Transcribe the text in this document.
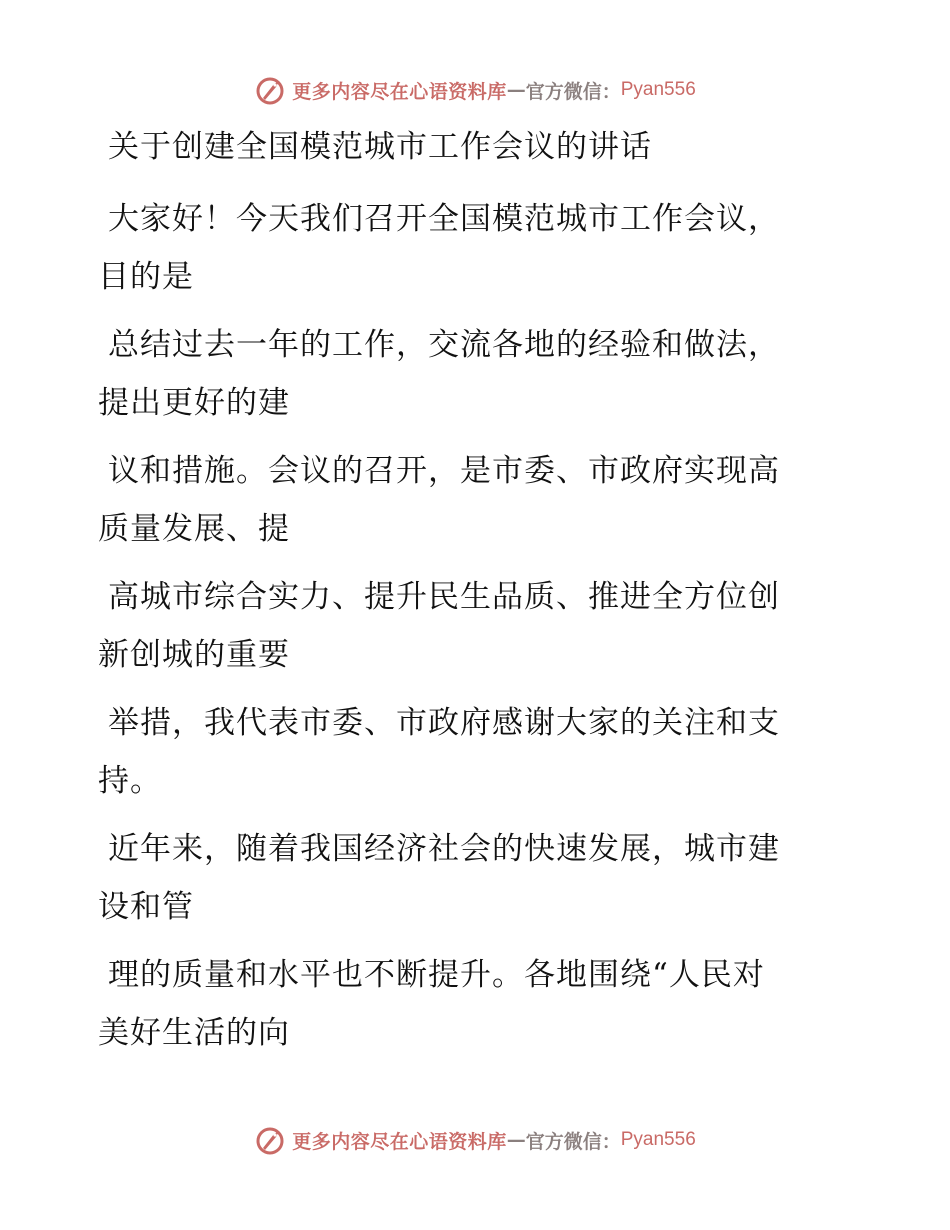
更多内容尽在心语资料库 — 官方微信： Pyan556
关于创建全国模范城市工作会议的讲话
大家好！今天我们召开全国模范城市工作会议，
目的是
总结过去一年的工作，交流各地的经验和做法，
提出更好的建
议和措施。会议的召开，是市委、市政府实现高
质量发展、提
高城市综合实力、提升民生品质、推进全方位创
新创城的重要
举措，我代表市委、市政府感谢大家的关注和支
持。
近年来，随着我国经济社会的快速发展，城市建
设和管
理的质量和水平也不断提升。各地围绕“人民对
美好生活的向
更多内容尽在心语资料库 — 官方微信： Pyan556
